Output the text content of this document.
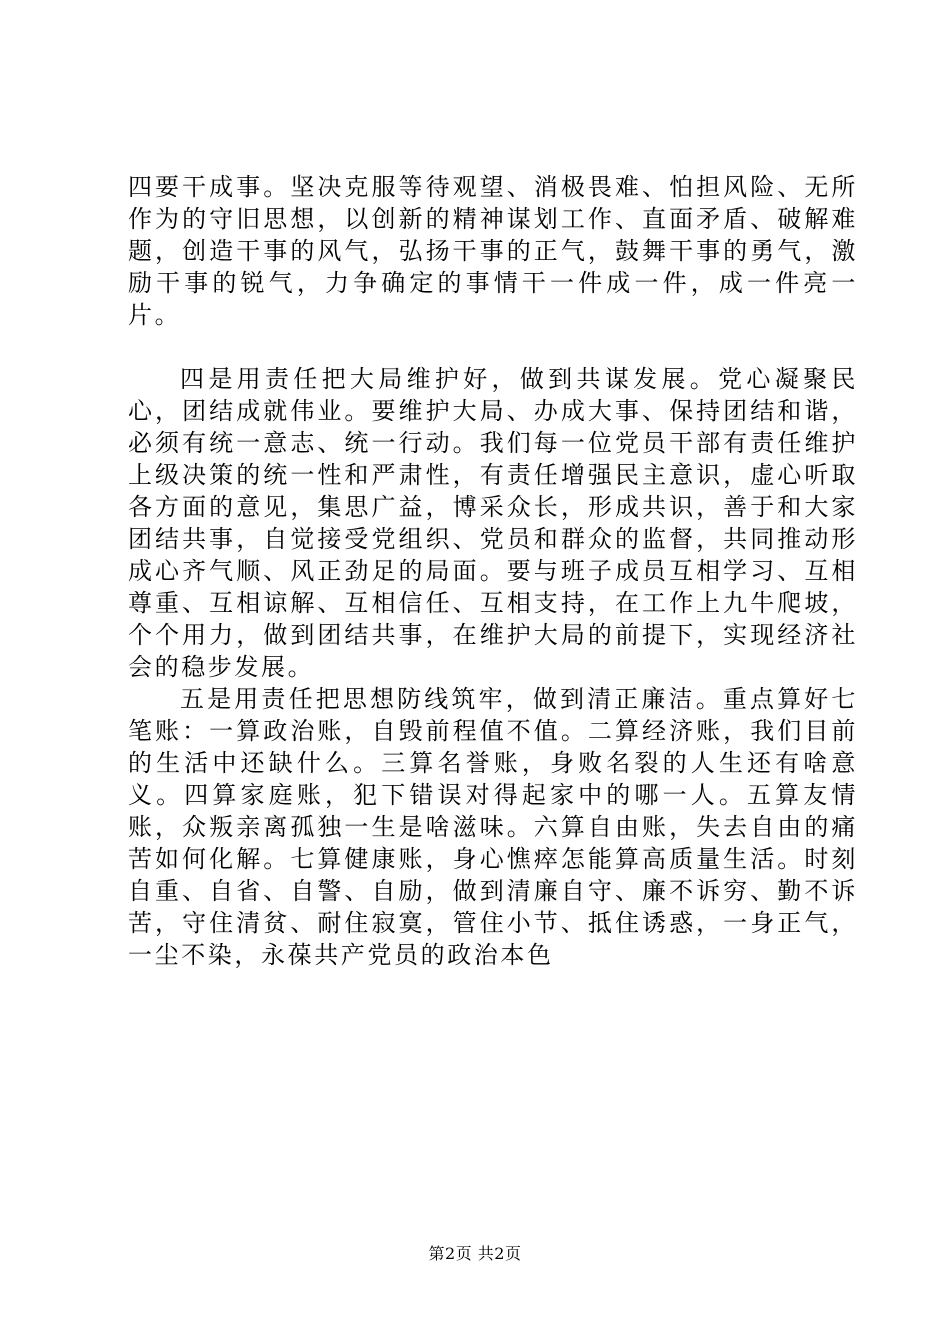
四要干成事。坚决克服等待观望、消极畏难、怕担风险、无所作为的守旧思想，以创新的精神谋划工作、直面矛盾、破解难题，创造干事的风气，弘扬干事的正气，鼓舞干事的勇气，激励干事的锐气，力争确定的事情干一件成一件，成一件亮一片。

四是用责任把大局维护好，做到共谋发展。党心凝聚民心，团结成就伟业。要维护大局、办成大事、保持团结和谐，必须有统一意志、统一行动。我们每一位党员干部有责任维护上级决策的统一性和严肃性，有责任增强民主意识，虚心听取各方面的意见，集思广益，博采众长，形成共识，善于和大家团结共事，自觉接受党组织、党员和群众的监督，共同推动形成心齐气顺、风正劲足的局面。要与班子成员互相学习、互相尊重、互相谅解、互相信任、互相支持，在工作上九牛爬坡，个个用力，做到团结共事，在维护大局的前提下，实现经济社会的稳步发展。

五是用责任把思想防线筑牢，做到清正廉洁。重点算好七笔账：一算政治账，自毁前程值不值。二算经济账，我们目前的生活中还缺什么。三算名誉账，身败名裂的人生还有啥意义。四算家庭账，犯下错误对得起家中的哪一人。五算友情账，众叛亲离孤独一生是啥滋味。六算自由账，失去自由的痛苦如何化解。七算健康账，身心憔瘁怎能算高质量生活。时刻自重、自省、自警、自励，做到清廉自守、廉不诉穷、勤不诉苦，守住清贫、耐住寂寞，管住小节、抵住诱惑，一身正气，一尘不染，永葆共产党员的政治本色

第2页 共2页
